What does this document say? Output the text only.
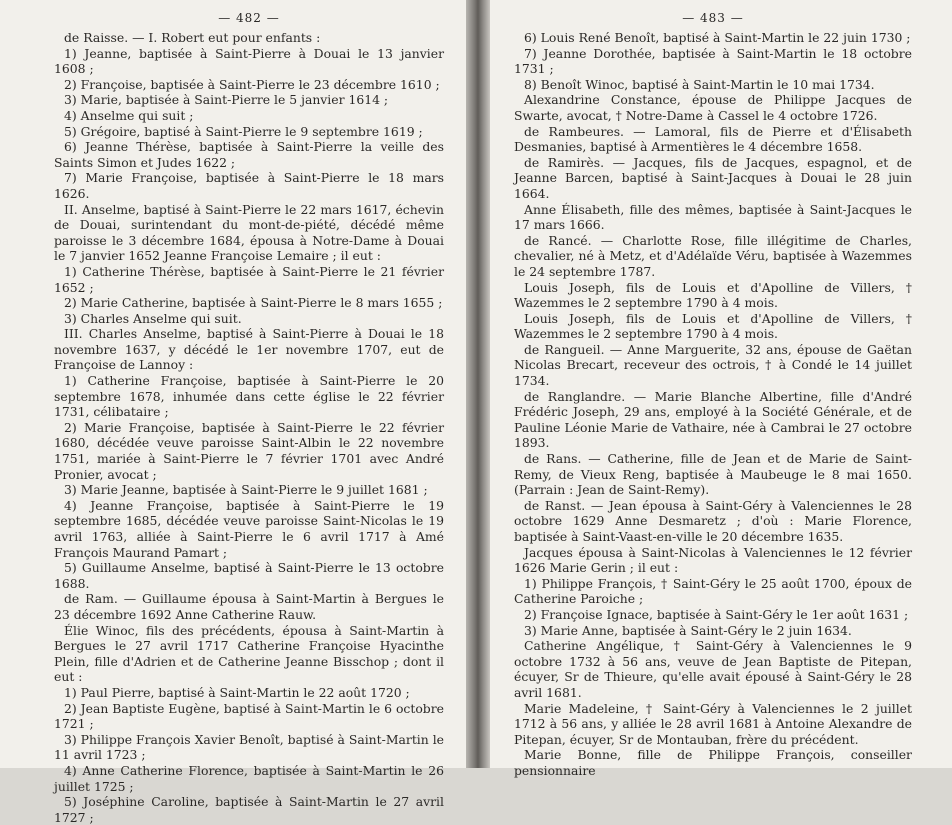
— 482 —

de Raisse. — I. Robert eut pour enfants :

1) Jeanne, baptisée à Saint-Pierre à Douai le 13 janvier 1608 ;

2) Françoise, baptisée à Saint-Pierre le 23 décembre 1610 ;

3) Marie, baptisée à Saint-Pierre le 5 janvier 1614 ;

4) Anselme qui suit ;

5) Grégoire, baptisé à Saint-Pierre le 9 septembre 1619 ;

6) Jeanne Thérèse, baptisée à Saint-Pierre la veille des Saints Simon et Judes 1622 ;

7) Marie Françoise, baptisée à Saint-Pierre le 18 mars 1626.

II. Anselme, baptisé à Saint-Pierre le 22 mars 1617, échevin de Douai, surintendant du mont-de-piété, décédé même paroisse le 3 décembre 1684, épousa à Notre-Dame à Douai le 7 janvier 1652 Jeanne Françoise Lemaire ; il eut :

1) Catherine Thérèse, baptisée à Saint-Pierre le 21 février 1652 ;

2) Marie Catherine, baptisée à Saint-Pierre le 8 mars 1655 ;

3) Charles Anselme qui suit.

III. Charles Anselme, baptisé à Saint-Pierre à Douai le 18 novembre 1637, y décédé le 1er novembre 1707, eut de Françoise de Lannoy :

1) Catherine Françoise, baptisée à Saint-Pierre le 20 septembre 1678, inhumée dans cette église le 22 février 1731, célibataire ;

2) Marie Françoise, baptisée à Saint-Pierre le 22 février 1680, décédée veuve paroisse Saint-Albin le 22 novembre 1751, mariée à Saint-Pierre le 7 février 1701 avec André Pronier, avocat ;

3) Marie Jeanne, baptisée à Saint-Pierre le 9 juillet 1681 ;

4) Jeanne Françoise, baptisée à Saint-Pierre le 19 septembre 1685, décédée veuve paroisse Saint-Nicolas le 19 avril 1763, alliée à Saint-Pierre le 6 avril 1717 à Amé François Maurand Pamart ;

5) Guillaume Anselme, baptisé à Saint-Pierre le 13 octobre 1688.

de Ram. — Guillaume épousa à Saint-Martin à Bergues le 23 décembre 1692 Anne Catherine Rauw.

Élie Winoc, fils des précédents, épousa à Saint-Martin à Bergues le 27 avril 1717 Catherine Françoise Hyacinthe Plein, fille d'Adrien et de Catherine Jeanne Bisschop ; dont il eut :

1) Paul Pierre, baptisé à Saint-Martin le 22 août 1720 ;

2) Jean Baptiste Eugène, baptisé à Saint-Martin le 6 octobre 1721 ;

3) Philippe François Xavier Benoît, baptisé à Saint-Martin le 11 avril 1723 ;

4) Anne Catherine Florence, baptisée à Saint-Martin le 26 juillet 1725 ;

5) Joséphine Caroline, baptisée à Saint-Martin le 27 avril 1727 ;

— 483 —

6) Louis René Benoît, baptisé à Saint-Martin le 22 juin 1730 ;

7) Jeanne Dorothée, baptisée à Saint-Martin le 18 octobre 1731 ;

8) Benoît Winoc, baptisé à Saint-Martin le 10 mai 1734.

Alexandrine Constance, épouse de Philippe Jacques de Swarte, avocat, † Notre-Dame à Cassel le 4 octobre 1726.

de Rambeures. — Lamoral, fils de Pierre et d'Élisabeth Desmanies, baptisé à Armentières le 4 décembre 1658.

de Ramirès. — Jacques, fils de Jacques, espagnol, et de Jeanne Barcen, baptisé à Saint-Jacques à Douai le 28 juin 1664.

Anne Élisabeth, fille des mêmes, baptisée à Saint-Jacques le 17 mars 1666.

de Rancé. — Charlotte Rose, fille illégitime de Charles, chevalier, né à Metz, et d'Adélaïde Véru, baptisée à Wazemmes le 24 septembre 1787.

Louis Joseph, fils de Louis et d'Apolline de Villers, † Wazemmes le 2 septembre 1790 à 4 mois.

Louis Joseph, fils de Louis et d'Apolline de Villers, † Wazemmes le 2 septembre 1790 à 4 mois.

de Rangueil. — Anne Marguerite, 32 ans, épouse de Gaëtan Nicolas Brecart, receveur des octrois, † à Condé le 14 juillet 1734.

de Ranglandre. — Marie Blanche Albertine, fille d'André Frédéric Joseph, 29 ans, employé à la Société Générale, et de Pauline Léonie Marie de Vathaire, née à Cambrai le 27 octobre 1893.

de Rans. — Catherine, fille de Jean et de Marie de Saint-Remy, de Vieux Reng, baptisée à Maubeuge le 8 mai 1650. (Parrain : Jean de Saint-Remy).

de Ranst. — Jean épousa à Saint-Géry à Valenciennes le 28 octobre 1629 Anne Desmaretz ; d'où : Marie Florence, baptisée à Saint-Vaast-en-ville le 20 décembre 1635.

Jacques épousa à Saint-Nicolas à Valenciennes le 12 février 1626 Marie Gerin ; il eut :

1) Philippe François, † Saint-Géry le 25 août 1700, époux de Catherine Paroiche ;

2) Françoise Ignace, baptisée à Saint-Géry le 1er août 1631 ;

3) Marie Anne, baptisée à Saint-Géry le 2 juin 1634.

Catherine Angélique, † Saint-Géry à Valenciennes le 9 octobre 1732 à 56 ans, veuve de Jean Baptiste de Pitepan, écuyer, Sr de Thieure, qu'elle avait épousé à Saint-Géry le 28 avril 1681.

Marie Madeleine, † Saint-Géry à Valenciennes le 2 juillet 1712 à 56 ans, y alliée le 28 avril 1681 à Antoine Alexandre de Pitepan, écuyer, Sr de Montauban, frère du précédent.

Marie Bonne, fille de Philippe François, conseiller pensionnaire
